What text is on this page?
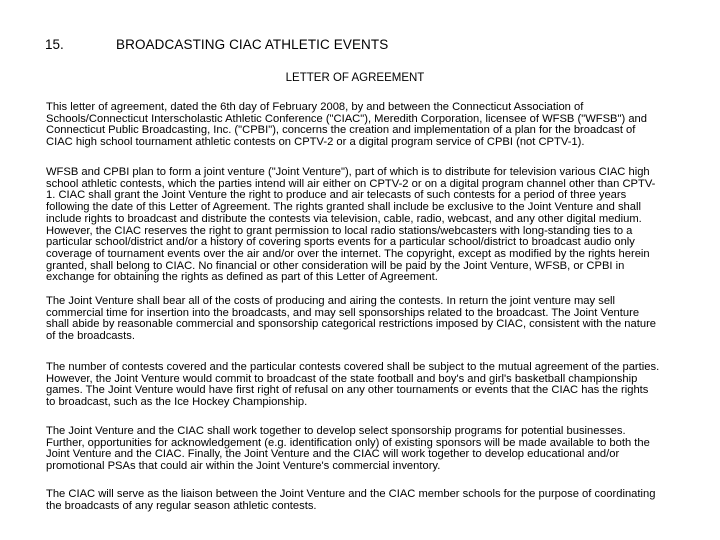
15.	BROADCASTING CIAC ATHLETIC EVENTS
LETTER OF AGREEMENT
This letter of agreement, dated the 6th day of February 2008, by and between the Connecticut Association of
Schools/Connecticut Interscholastic Athletic Conference ("CIAC"), Meredith Corporation, licensee of WFSB ("WFSB") and
Connecticut Public Broadcasting, Inc. ("CPBI"), concerns the creation and implementation of a plan for the broadcast of
CIAC high school tournament athletic contests on CPTV-2 or a digital program service of CPBI (not CPTV-1).
WFSB and CPBI plan to form a joint venture ("Joint Venture"), part of which is to distribute for television various CIAC high
school athletic contests, which the parties intend will air either on CPTV-2 or on a digital program channel other than CPTV-
1. CIAC shall grant the Joint Venture the right to produce and air telecasts of such contests for a period of three years
following the date of this Letter of Agreement. The rights granted shall include be exclusive to the Joint Venture and shall
include rights to broadcast and distribute the contests via television, cable, radio, webcast, and any other digital medium.
However, the CIAC reserves the right to grant permission to local radio stations/webcasters with long-standing ties to a
particular school/district and/or a history of covering sports events for a particular school/district to broadcast audio only
coverage of tournament events over the air and/or over the internet. The copyright, except as modified by the rights herein
granted, shall belong to CIAC. No financial or other consideration will be paid by the Joint Venture, WFSB, or CPBI in
exchange for obtaining the rights as defined as part of this Letter of Agreement.
The Joint Venture shall bear all of the costs of producing and airing the contests. In return the joint venture may sell
commercial time for insertion into the broadcasts, and may sell sponsorships related to the broadcast. The Joint Venture
shall abide by reasonable commercial and sponsorship categorical restrictions imposed by CIAC, consistent with the nature
of the broadcasts.
The number of contests covered and the particular contests covered shall be subject to the mutual agreement of the parties.
However, the Joint Venture would commit to broadcast of the state football and boy's and girl's basketball championship
games. The Joint Venture would have first right of refusal on any other tournaments or events that the CIAC has the rights
to broadcast, such as the Ice Hockey Championship.
The Joint Venture and the CIAC shall work together to develop select sponsorship programs for potential businesses.
Further, opportunities for acknowledgement (e.g. identification only) of existing sponsors will be made available to both the
Joint Venture and the CIAC. Finally, the Joint Venture and the CIAC will work together to develop educational and/or
promotional PSAs that could air within the Joint Venture's commercial inventory.
The CIAC will serve as the liaison between the Joint Venture and the CIAC member schools for the purpose of coordinating
the broadcasts of any regular season athletic contests.
